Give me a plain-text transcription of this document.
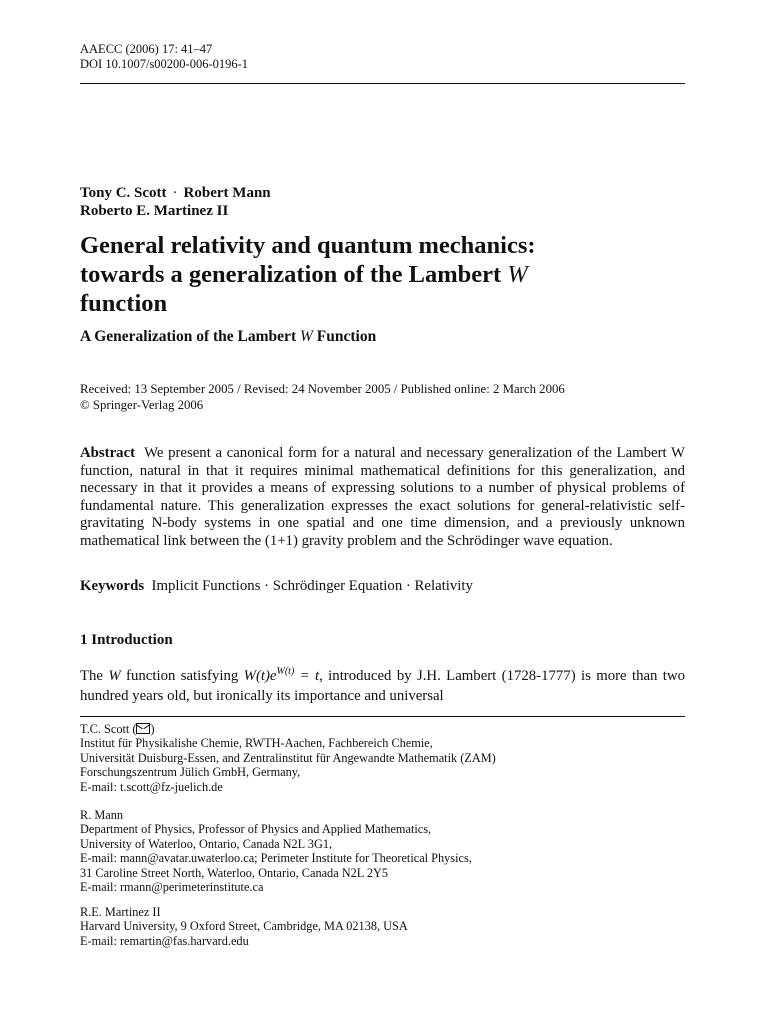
AAECC (2006) 17: 41–47
DOI 10.1007/s00200-006-0196-1
Tony C. Scott · Robert Mann
Roberto E. Martinez II
General relativity and quantum mechanics:
towards a generalization of the Lambert W
function
A Generalization of the Lambert W Function
Received: 13 September 2005 / Revised: 24 November 2005 / Published online: 2 March 2006
© Springer-Verlag 2006

Abstract We present a canonical form for a natural and necessary generalization of the Lambert W function, natural in that it requires minimal mathematical definitions for this generalization, and necessary in that it provides a means of expressing solutions to a number of physical problems of fundamental nature. This generalization expresses the exact solutions for general-relativistic self-gravitating N-body systems in one spatial and one time dimension, and a previously unknown mathematical link between the (1+1) gravity problem and the Schrödinger wave equation.

Keywords Implicit Functions · Schrödinger Equation · Relativity

1 Introduction

The W function satisfying $W(t)e^{W(t)} = t$, introduced by J.H. Lambert (1728-1777) is more than two hundred years old, but ironically its importance and universal

T.C. Scott ( )
Institut für Physikalishe Chemie, RWTH-Aachen, Fachbereich Chemie,
Universität Duisburg-Essen, and Zentralinstitut für Angewandte Mathematik (ZAM)
Forschungszentrum Jülich GmbH, Germany,
E-mail: t.scott@fz-juelich.de
R. Mann
Department of Physics, Professor of Physics and Applied Mathematics,
University of Waterloo, Ontario, Canada N2L 3G1,
E-mail: mann@avatar.uwaterloo.ca; Perimeter Institute for Theoretical Physics,
31 Caroline Street North, Waterloo, Ontario, Canada N2L 2Y5
E-mail: rmann@perimeterinstitute.ca
R.E. Martinez II
Harvard University, 9 Oxford Street, Cambridge, MA 02138, USA
E-mail: remartin@fas.harvard.edu
